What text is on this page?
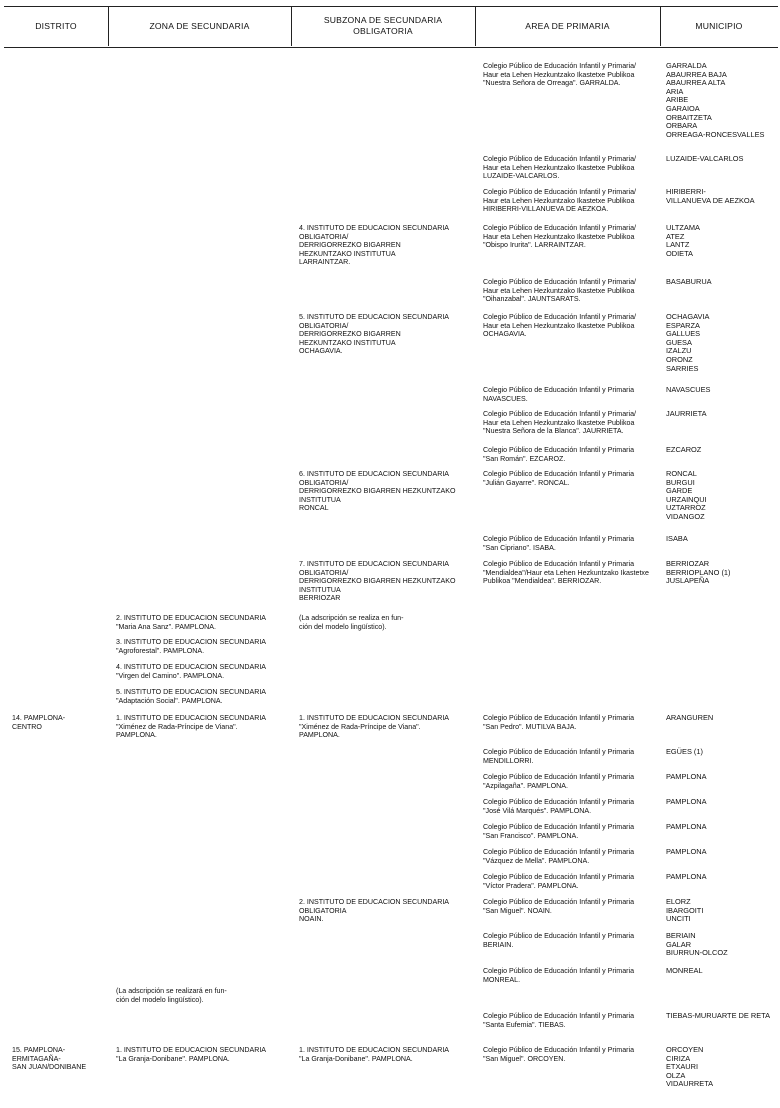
DISTRITO	ZONA DE SECUNDARIA
SUBZONA DE SECUNDARIA
OBLIGATORIA
AREA DE PRIMARIA	MUNICIPIO
14. PAMPLONA-
CENTRO
15. PAMPLONA-
ERMITAGAÑA-
SAN JUAN/DONIBANE
2. INSTITUTO DE EDUCACION SECUNDARIA
"Maria Ana Sanz". PAMPLONA.
3. INSTITUTO DE EDUCACION SECUNDARIA
"Agroforestal". PAMPLONA.
4. INSTITUTO DE EDUCACION SECUNDARIA
"Virgen del Camino". PAMPLONA.
5. INSTITUTO DE EDUCACION SECUNDARIA
"Adaptación Social". PAMPLONA.
1. INSTITUTO DE EDUCACION SECUNDARIA
"Ximénez de Rada-Príncipe de Viana".
PAMPLONA.
(La adscripción se realizará en fun-
ción del modelo lingüístico).
1. INSTITUTO DE EDUCACION SECUNDARIA
"La Granja-Donibane". PAMPLONA.
4. INSTITUTO DE EDUCACION SECUNDARIA
OBLIGATORIA/
DERRIGORREZKO BIGARREN
HEZKUNTZAKO INSTITUTUA
LARRAINTZAR.
5. INSTITUTO DE EDUCACION SECUNDARIA
OBLIGATORIA/
DERRIGORREZKO BIGARREN
HEZKUNTZAKO INSTITUTUA
OCHAGAVIA.
6. INSTITUTO DE EDUCACION SECUNDARIA
OBLIGATORIA/
DERRIGORREZKO BIGARREN HEZKUNTZAKO
INSTITUTUA
RONCAL
7. INSTITUTO DE EDUCACION SECUNDARIA
OBLIGATORIA/
DERRIGORREZKO BIGARREN HEZKUNTZAKO
INSTITUTUA
BERRIOZAR
(La adscripción se realiza en fun-
ción del modelo lingüístico).
1. INSTITUTO DE EDUCACION SECUNDARIA
"Ximénez de Rada-Príncipe de Viana".
PAMPLONA.
2. INSTITUTO DE EDUCACION SECUNDARIA
OBLIGATORIA
NOAIN.
1. INSTITUTO DE EDUCACION SECUNDARIA
"La Granja-Donibane". PAMPLONA.
Colegio Público de Educación Infantil y Primaria/
Haur eta Lehen Hezkuntzako Ikastetxe Publikoa
"Nuestra Señora de Orreaga". GARRALDA.
Colegio Público de Educación Infantil y Primaria/
Haur eta Lehen Hezkuntzako Ikastetxe Publikoa
LUZAIDE-VALCARLOS.
Colegio Público de Educación Infantil y Primaria/
Haur eta Lehen Hezkuntzako Ikastetxe Publikoa
HIRIBERRI-VILLANUEVA DE AEZKOA.
Colegio Público de Educación Infantil y Primaria/
Haur eta Lehen Hezkuntzako Ikastetxe Publikoa
"Obispo Irurita". LARRAINTZAR.
Colegio Público de Educación Infantil y Primaria/
Haur eta Lehen Hezkuntzako Ikastetxe Publikoa
"Oihanzabal". JAUNTSARATS.
Colegio Público de Educación Infantil y Primaria/
Haur eta Lehen Hezkuntzako Ikastetxe Publikoa
OCHAGAVIA.
Colegio Público de Educación Infantil y Primaria
NAVASCUES.
Colegio Público de Educación Infantil y Primaria/
Haur eta Lehen Hezkuntzako Ikastetxe Publikoa
"Nuestra Señora de la Blanca". JAURRIETA.
Colegio Público de Educación Infantil y Primaria
"San Román". EZCAROZ.
Colegio Público de Educación Infantil y Primaria
"Julián Gayarre". RONCAL.
Colegio Público de Educación Infantil y Primaria
"San Cipriano". ISABA.
Colegio Público de Educación Infantil y Primaria
"Mendialdea"/Haur eta Lehen Hezkuntzako Ikastetxe
Publikoa "Mendialdea". BERRIOZAR.
Colegio Público de Educación Infantil y Primaria
"San Pedro". MUTILVA BAJA.
Colegio Público de Educación Infantil y Primaria
MENDILLORRI.
Colegio Público de Educación Infantil y Primaria
"Azpilagaña". PAMPLONA.
Colegio Público de Educación Infantil y Primaria
"José Vilá Marqués". PAMPLONA.
Colegio Público de Educación Infantil y Primaria
"San Francisco". PAMPLONA.
Colegio Público de Educación Infantil y Primaria
"Vázquez de Mella". PAMPLONA.
Colegio Público de Educación Infantil y Primaria
"Víctor Pradera". PAMPLONA.
Colegio Público de Educación Infantil y Primaria
"San Miguel". NOAIN.
Colegio Público de Educación Infantil y Primaria
BERIAIN.
Colegio Público de Educación Infantil y Primaria
MONREAL.
Colegio Público de Educación Infantil y Primaria
"Santa Eufemia". TIEBAS.
Colegio Público de Educación Infantil y Primaria
"San Miguel". ORCOYEN.
GARRALDA
ABAURREA BAJA
ABAURREA ALTA
ARIA
ARIBE
GARAIOA
ORBAITZETA
ORBARA
ORREAGA-RONCESVALLES
LUZAIDE-VALCARLOS
HIRIBERRI-
VILLANUEVA DE AEZKOA
ULTZAMA
ATEZ
LANTZ
ODIETA
BASABURUA
OCHAGAVIA
ESPARZA
GALLUES
GUESA
IZALZU
ORONZ
SARRIES
NAVASCUES
JAURRIETA
EZCAROZ
RONCAL
BURGUI
GARDE
URZAINQUI
UZTARROZ
VIDANGOZ
ISABA
BERRIOZAR
BERRIOPLANO (1)
JUSLAPEÑA
ARANGUREN
EGÜES (1)
PAMPLONA
PAMPLONA
PAMPLONA
PAMPLONA
PAMPLONA
ELORZ
IBARGOITI
UNCITI
BERIAIN
GALAR
BIURRUN-OLCOZ
MONREAL
TIEBAS-MURUARTE DE RETA
ORCOYEN
CIRIZA
ETXAURI
OLZA
VIDAURRETA
